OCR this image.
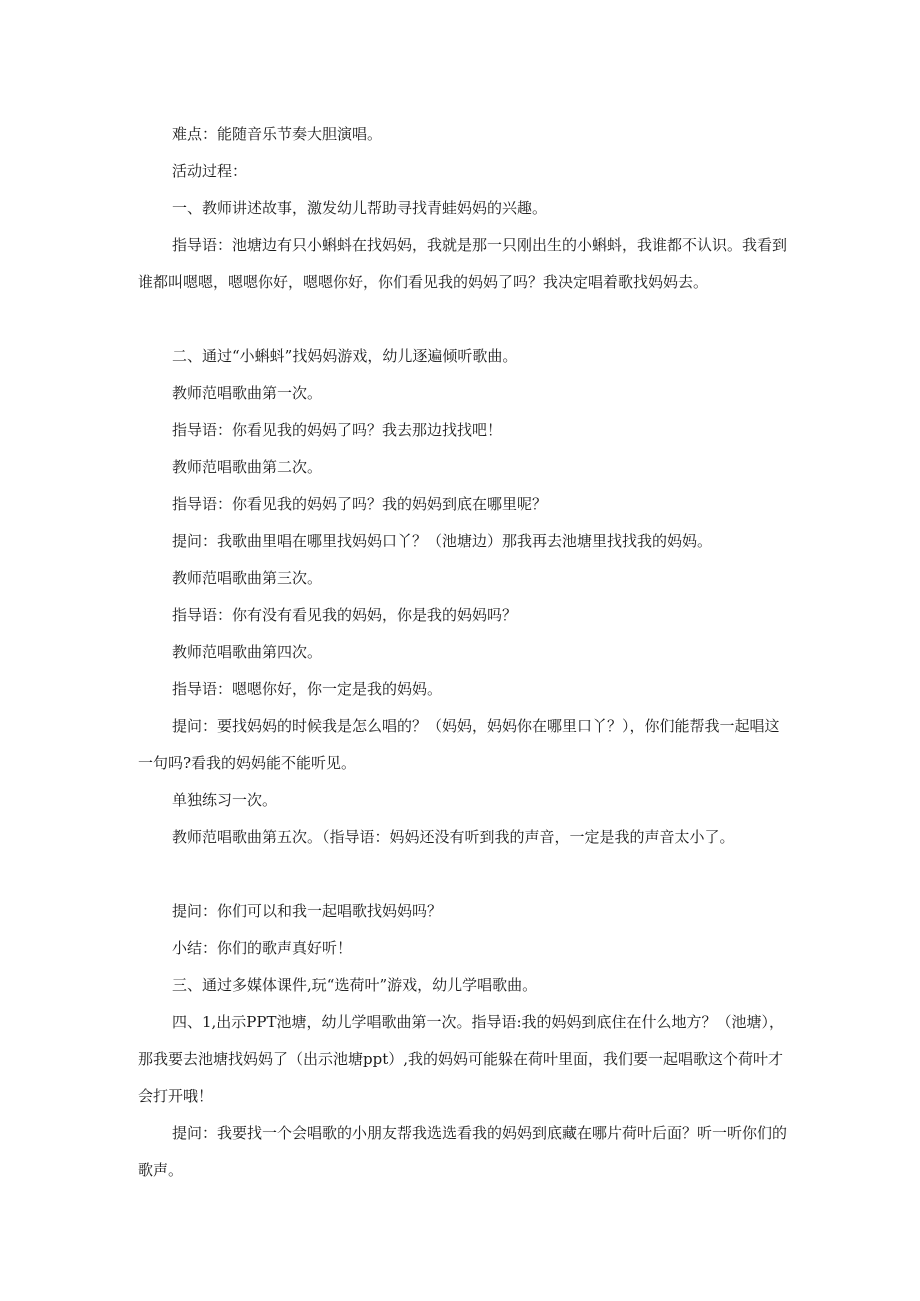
难点：能随音乐节奏大胆演唱。

活动过程：

一、教师讲述故事，激发幼儿帮助寻找青蛙妈妈的兴趣。

指导语：池塘边有只小蝌蚪在找妈妈，我就是那一只刚出生的小蝌蚪，我谁都不认识。我看到谁都叫嗯嗯，嗯嗯你好，嗯嗯你好，你们看见我的妈妈了吗？我决定唱着歌找妈妈去。

二、通过“小蝌蚪”找妈妈游戏，幼儿逐遍倾听歌曲。

教师范唱歌曲第一次。

指导语：你看见我的妈妈了吗？我去那边找找吧！

教师范唱歌曲第二次。

指导语：你看见我的妈妈了吗？我的妈妈到底在哪里呢？

提问：我歌曲里唱在哪里找妈妈口丫？（池塘边）那我再去池塘里找找我的妈妈。

教师范唱歌曲第三次。

指导语：你有没有看见我的妈妈，你是我的妈妈吗？

教师范唱歌曲第四次。

指导语：嗯嗯你好，你一定是我的妈妈。

提问：要找妈妈的时候我是怎么唱的？（妈妈，妈妈你在哪里口丫？），你们能帮我一起唱这一句吗?看我的妈妈能不能听见。

单独练习一次。

教师范唱歌曲第五次。（指导语：妈妈还没有听到我的声音，一定是我的声音太小了。

提问：你们可以和我一起唱歌找妈妈吗？

小结：你们的歌声真好听！

三、通过多媒体课件,玩“选荷叶”游戏，幼儿学唱歌曲。

四、1,出示PPT池塘，幼儿学唱歌曲第一次。指导语:我的妈妈到底住在什么地方？（池塘），那我要去池塘找妈妈了（出示池塘ppt）,我的妈妈可能躲在荷叶里面，我们要一起唱歌这个荷叶才会打开哦！

提问：我要找一个会唱歌的小朋友帮我选选看我的妈妈到底藏在哪片荷叶后面？听一听你们的歌声。
